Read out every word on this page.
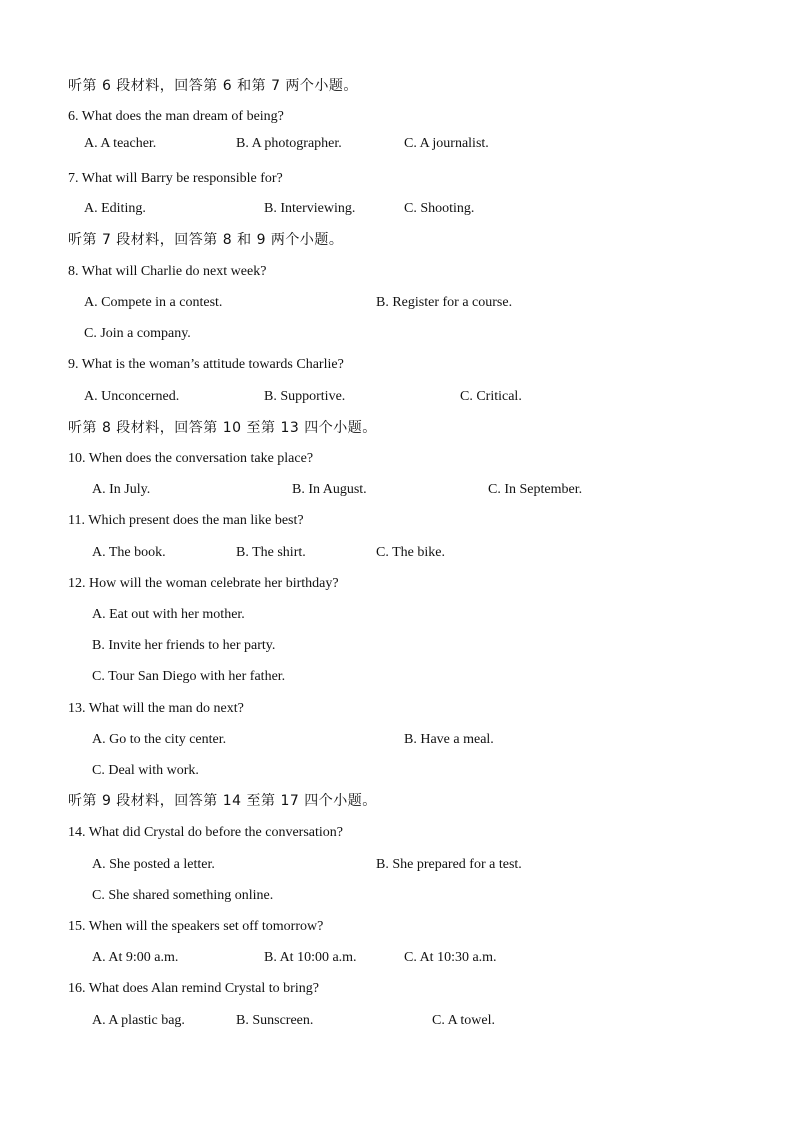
听第 6 段材料，回答第 6 和第 7 两个小题。
6. What does the man dream of being?
A. A teacher.	B. A photographer.	C. A journalist.
7. What will Barry be responsible for?
A. Editing.	B. Interviewing.	C. Shooting.
听第 7 段材料，回答第 8 和 9 两个小题。
8. What will Charlie do next week?
A. Compete in a contest.	B. Register for a course.
C. Join a company.
9. What is the woman’s attitude towards Charlie?
A. Unconcerned.	B. Supportive.	C. Critical.
听第 8 段材料，回答第 10 至第 13 四个小题。
10. When does the conversation take place?
A. In July.	B. In August.	C. In September.
11. Which present does the man like best?
A. The book.	B. The shirt.	C. The bike.
12. How will the woman celebrate her birthday?
A. Eat out with her mother.
B. Invite her friends to her party.
C. Tour San Diego with her father.
13. What will the man do next?
A. Go to the city center.	B. Have a meal.
C. Deal with work.
听第 9 段材料，回答第 14 至第 17 四个小题。
14. What did Crystal do before the conversation?
A. She posted a letter.	B. She prepared for a test.
C. She shared something online.
15. When will the speakers set off tomorrow?
A. At 9:00 a.m.	B. At 10:00 a.m.	C. At 10:30 a.m.
16. What does Alan remind Crystal to bring?
A. A plastic bag.	B. Sunscreen.	C. A towel.
